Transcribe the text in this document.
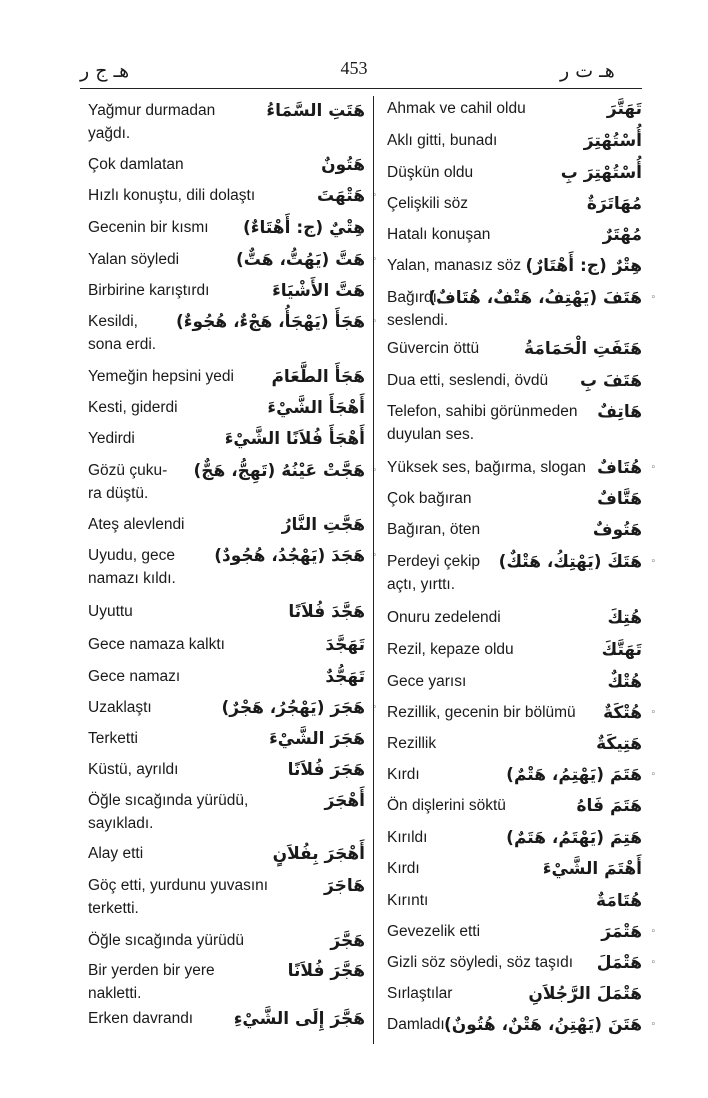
هـ ج ر	453	هـ ت ر
Yağmur durmadan
yağdı.
هَتَتِ السَّمَاءُ
Çok damlatan	هَتُونٌ
Hızlı konuştu, dili dolaştı	هَتْهَتَ ◦
Gecenin bir kısmı هِتْيٌ (ج: أَهْتَاءٌ)
Yalan söyledi	هَتَّ (يَهُتُّ، هَتٌّ) ◦
Birbirine karıştırdı	هَتَّ الأَشْيَاءَ
Kesildi,
sona erdi.
هَجَأَ (يَهْجَأُ، هَجْءٌ، هُجُوءٌ) ◦
Yemeğin hepsini yedi هَجَأَ الطَّعَامَ
Kesti, giderdi	أَهْجَأَ الشَّيْءَ
Yedirdi	أَهْجَأَ فُلاَنًا الشَّيْءَ
Gözü çuku-
ra düştü.
هَجَّتْ عَيْنُهُ (تَهِجُّ، هَجٌّ) ◦
Ateş alevlendi	هَجَّتِ النَّارُ
Uyudu, gece
namazı kıldı.
هَجَدَ (يَهْجُدُ، هُجُودٌ) ◦
Uyuttu	هَجَّدَ فُلاَنًا
Gece namaza kalktı	تَهَجَّدَ
Gece namazı	تَهَجُّدٌ
Uzaklaştı	هَجَرَ (يَهْجُرُ، هَجْرٌ) ◦
Terketti	هَجَرَ الشَّيْءَ
Küstü, ayrıldı	هَجَرَ فُلاَنًا
Öğle sıcağında yürüdü,
sayıkladı.
أَهْجَرَ
Alay etti	أَهْجَرَ بِفُلاَنٍ
Göç etti, yurdunu yuvasını
terketti.
هَاجَرَ
Öğle sıcağında yürüdü	هَجَّرَ
Bir yerden bir yere
nakletti.
هَجَّرَ فُلاَنًا
Erken davrandı هَجَّرَ إِلَى الشَّيْءِ
Ahmak ve cahil oldu	تَهَتَّرَ
Aklı gitti, bunadı	أُسْتُهْتِرَ
Düşkün oldu	أُسْتُهْتِرَ بِ
Çelişkili söz	مُهَاتَرَةٌ
Hatalı konuşan	مُهْتَرٌ
Yalan, manasız söz هِتْرٌ (ج: أَهْتَارٌ)
Bağırdı,
seslendi.
هَتَفَ (يَهْتِفُ، هَتْفٌ، هُتَافٌ) ◦
Güvercin öttü	هَتَفَتِ الْحَمَامَةُ
Dua etti, seslendi, övdü هَتَفَ بِ
Telefon, sahibi görünmeden
duyulan ses.
هَاتِفٌ
Yüksek ses, bağırma, slogan هُتَافٌ ◦
Çok bağıran	هَتَّافٌ
Bağıran, öten	هَتُوفٌ
Perdeyi çekip
açtı, yırttı.
هَتَكَ (يَهْتِكُ، هَتْكٌ) ◦
Onuru zedelendi	هُتِكَ
Rezil, kepaze oldu	تَهَتَّكَ
Gece yarısı	هُتْكٌ
Rezillik, gecenin bir bölümü هُتْكَةٌ ◦
Rezillik	هَتِيكَةٌ
Kırdı	هَتَمَ (يَهْتِمُ، هَتْمٌ) ◦
Ön dişlerini söktü	هَتَمَ فَاهُ
Kırıldı	هَتِمَ (يَهْتَمُ، هَتَمٌ)
Kırdı	أَهْتَمَ الشَّيْءَ
Kırıntı	هُتَامَةٌ
Gevezelik etti	هَتْمَرَ ◦
Gizli söz söyledi, söz taşıdı هَتْمَلَ ◦
Sırlaştılar	هَتْمَلَ الرَّجُلاَنِ
Damladı هَتَنَ (يَهْتِنُ، هَتْنٌ، هُتُونٌ) ◦
